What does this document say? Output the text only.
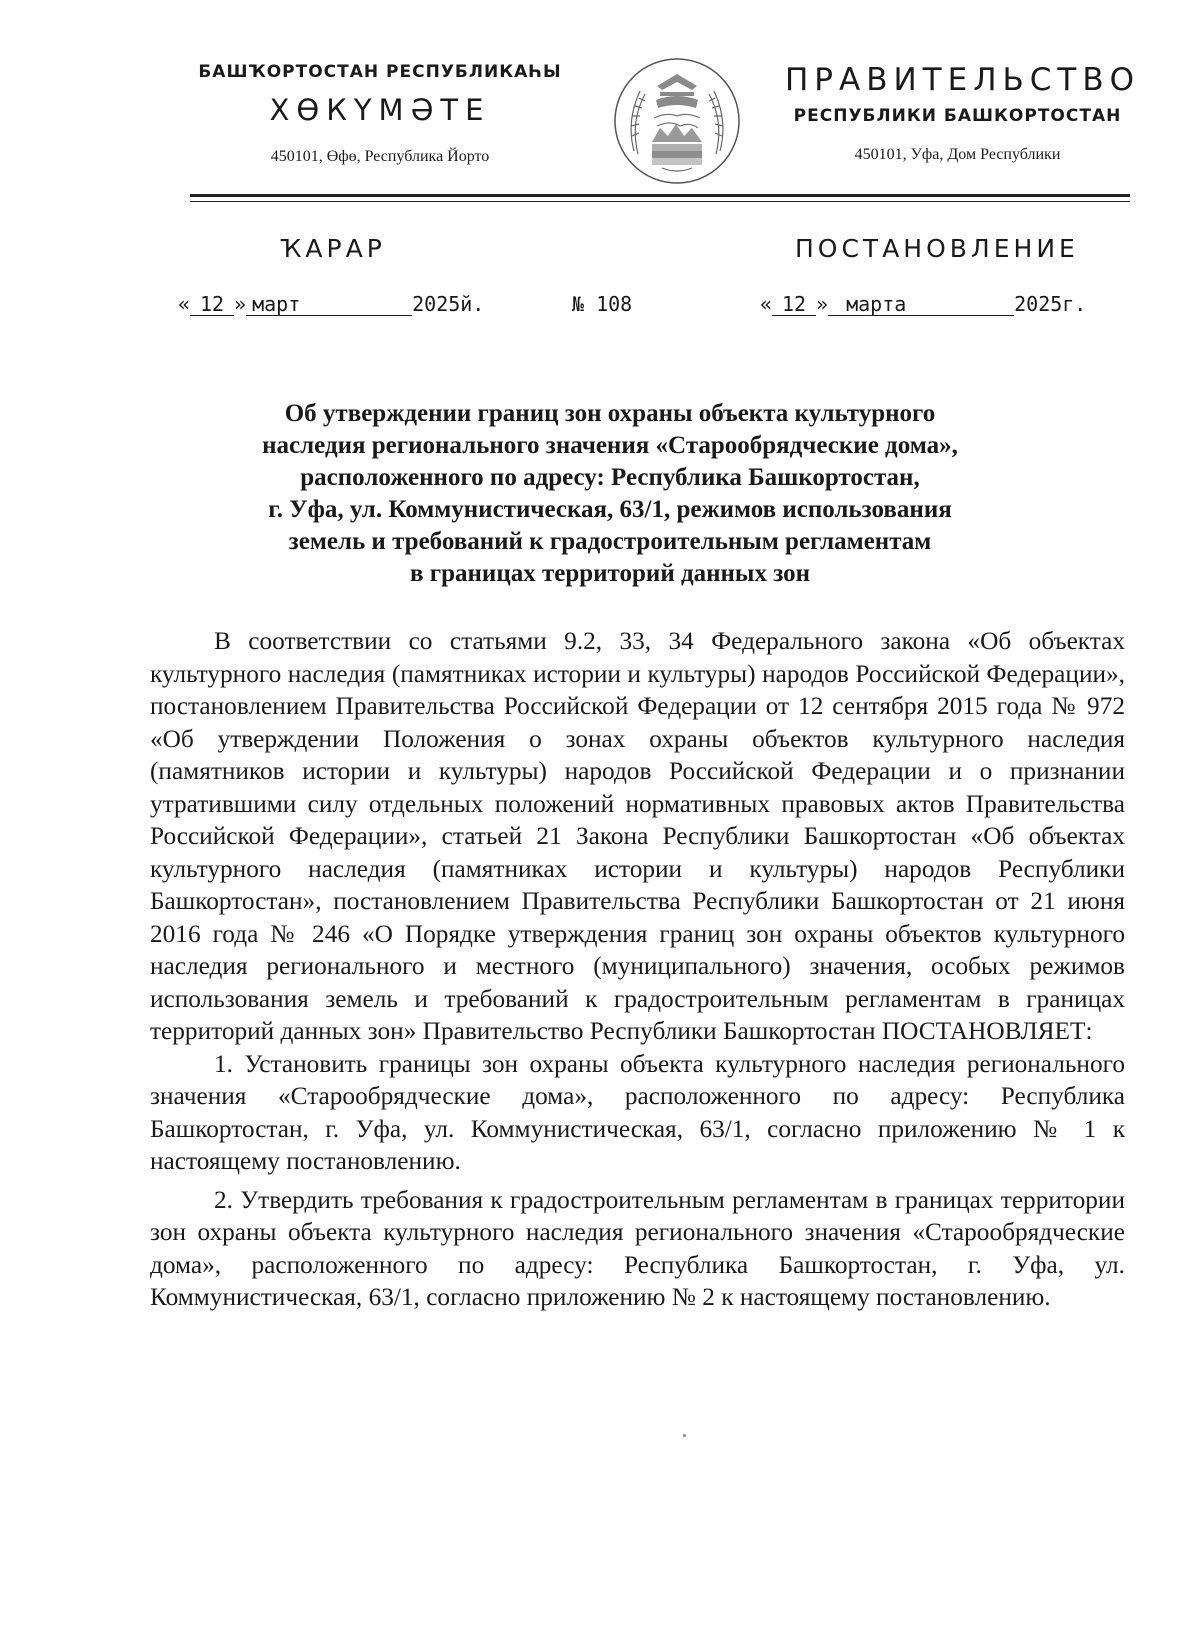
БАШҠОРТОСТАН РЕСПУБЛИКАҺЫ
ХӨКҮМӘТЕ
450101, Өфө, Республика Йорто
ПРАВИТЕЛЬСТВО
РЕСПУБЛИКИ БАШКОРТОСТАН
450101, Уфа, Дом Республики
ҠАРАР	ПОСТАНОВЛЕНИЕ
« 12 » март	2025й.	№ 108	« 12 » марта	2025г.
Об утверждении границ зон охраны объекта культурного
наследия регионального значения «Старообрядческие дома»,
расположенного по адресу: Республика Башкортостан,
г. Уфа, ул. Коммунистическая, 63/1, режимов использования
земель и требований к градостроительным регламентам
в границах территорий данных зон

В соответствии со статьями 9.2, 33, 34 Федерального закона «Об объектах культурного наследия (памятниках истории и культуры) народов Российской Федерации», постановлением Правительства Российской Федерации от 12 сентября 2015 года № 972 «Об утверждении Положения о зонах охраны объектов культурного наследия (памятников истории и культуры) народов Российской Федерации и о признании утратившими силу отдельных положений нормативных правовых актов Правительства Российской Федерации», статьей 21 Закона Республики Башкортостан «Об объектах культурного наследия (памятниках истории и культуры) народов Республики Башкортостан», постановлением Правительства Республики Башкортостан от 21 июня 2016 года № 246 «О Порядке утверждения границ зон охраны объектов культурного наследия регионального и местного (муниципального) значения, особых режимов использования земель и требований к градостроительным регламентам в границах территорий данных зон» Правительство Республики Башкортостан ПОСТАНОВЛЯЕТ:

1. Установить границы зон охраны объекта культурного наследия регионального значения «Старообрядческие дома», расположенного по адресу: Республика Башкортостан, г. Уфа, ул. Коммунистическая, 63/1, согласно приложению № 1 к настоящему постановлению.

2. Утвердить требования к градостроительным регламентам в границах территории зон охраны объекта культурного наследия регионального значения «Старообрядческие дома», расположенного по адресу: Республика Башкортостан, г. Уфа, ул. Коммунистическая, 63/1, согласно приложению № 2 к настоящему постановлению.
